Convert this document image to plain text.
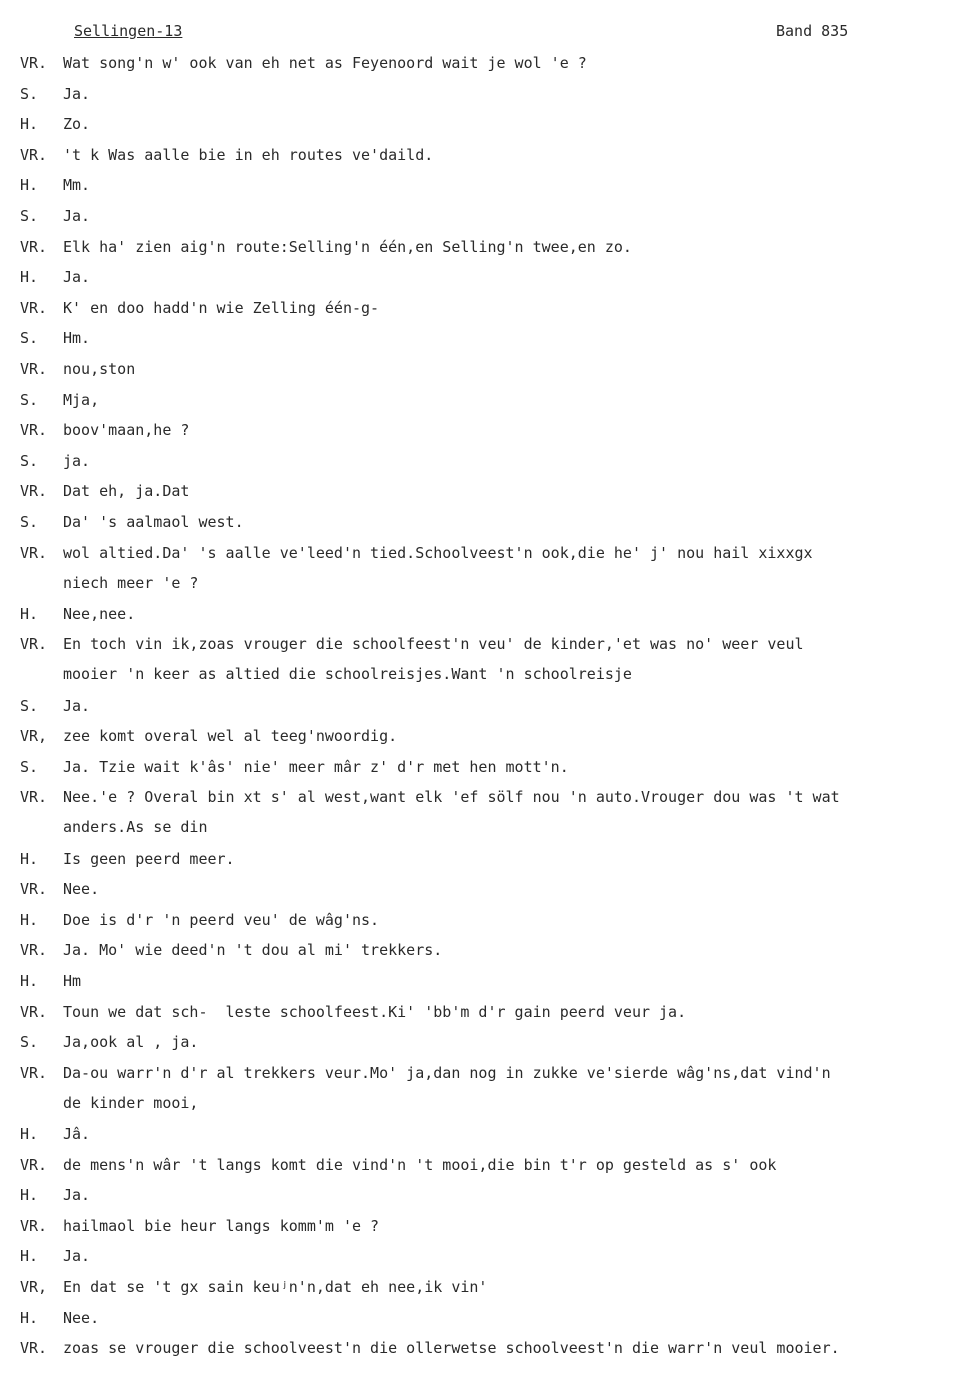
Sellingen-13	Band 835
VR. Wat song'n w' ook van eh net as Feyenoord wait je wol 'e ?
S. Ja.
H. Zo.
VR. 't k Was aalle bie in eh routes ve'daild.
H. Mm.
S. Ja.
VR. Elk ha' zien aig'n route:Selling'n één,en Selling'n twee,en zo.
H. Ja.
VR. K' en doo hadd'n wie Zelling één-g-
S. Hm.
VR. nou,ston
S. Mja,
VR. boov'maan,he ?
S. ja.
VR. Dat eh, ja.Dat
S. Da' 's aalmaol west.
VR. wol altied.Da' 's aalle ve'leed'n tied.Schoolveest'n ook,die he' j' nou hail xixxgx
niech meer 'e ?
H. Nee,nee.
VR. En toch vin ik,zoas vrouger die schoolfeest'n veu' de kinder,'et was no' weer veul
mooier 'n keer as altied die schoolreisjes.Want 'n schoolreisje
S. Ja.
VR, zee komt overal wel al teeg'nwoordig.
S. Ja. Tzie wait k'âs' nie' meer mâr z' d'r met hen mott'n.
VR. Nee.'e ? Overal bin xt s' al west,want elk 'ef sölf nou 'n auto.Vrouger dou was 't wat
anders.As se din
H. Is geen peerd meer.
VR. Nee.
H. Doe is d'r 'n peerd veu' de wâg'ns.
VR. Ja. Mo' wie deed'n 't dou al mi' trekkers.
H. Hm
VR. Toun we dat sch-  leste schoolfeest.Ki' 'bb'm d'r gain peerd veur ja.
S. Ja,ook al , ja.
VR. Da-ou warr'n d'r al trekkers veur.Mo' ja,dan nog in zukke ve'sierde wâg'ns,dat vind'n
de kinder mooi,
H. Jâ.
VR. de mens'n wâr 't langs komt die vind'n 't mooi,die bin t'r op gesteld as s' ook
H. Ja.
VR. hailmaol bie heur langs komm'm 'e ?
H. Ja.
VR, En dat se 't gx sain keuʲn'n,dat eh nee,ik vin'
H. Nee.
VR. zoas se vrouger die schoolveest'n die ollerwetse schoolveest'n die warr'n veul mooier.
